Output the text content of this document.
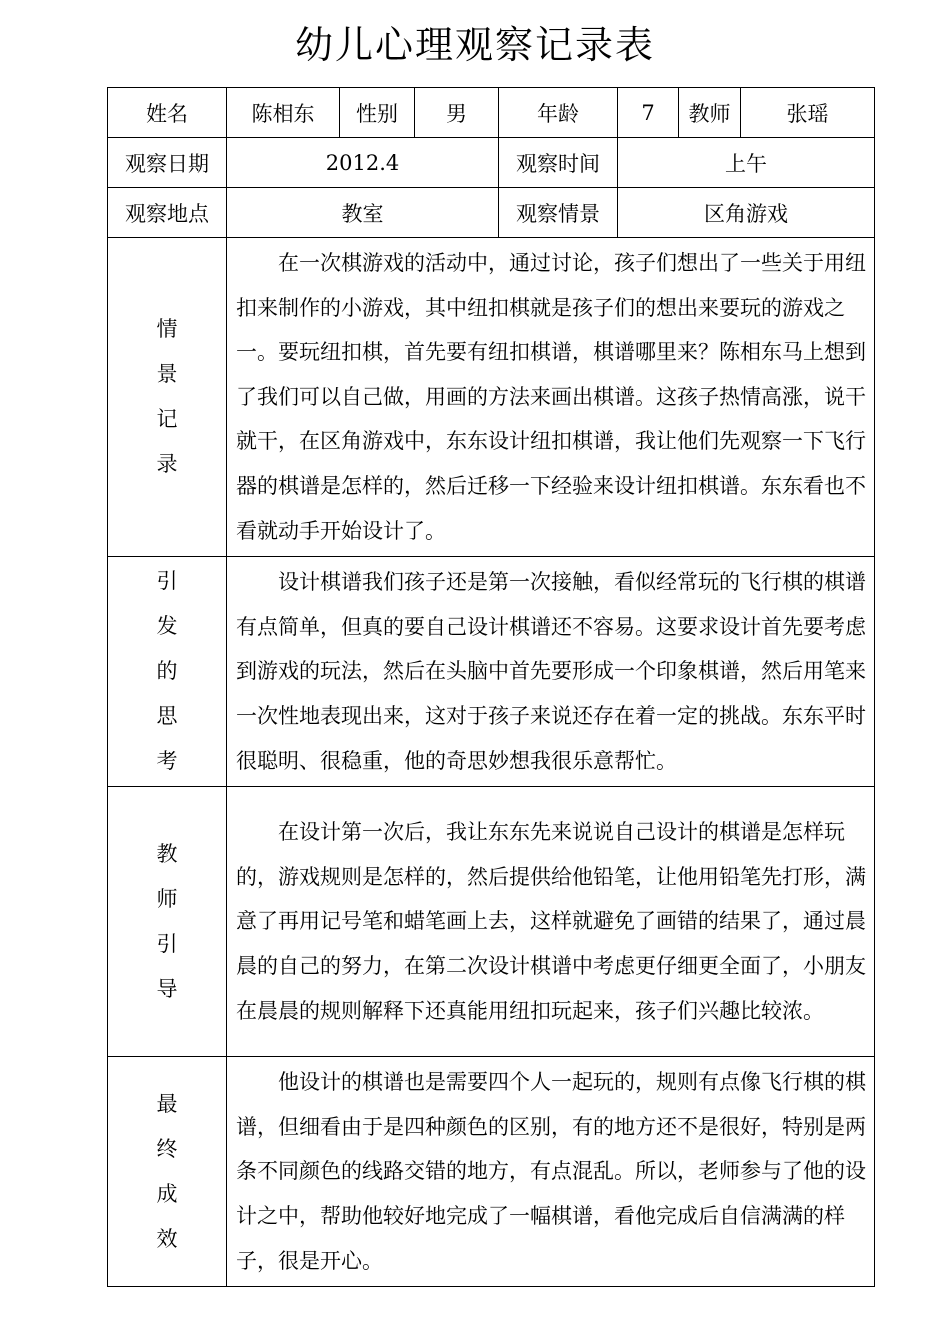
幼儿心理观察记录表
姓名	陈相东	性别	男	年龄	7	教师	张瑶
观察日期	2012.4			观察时间	上午		
观察地点	教室			观察情景	区角游戏		

情
景
记
录	在一次棋游戏的活动中，通过讨论，孩子们想出了一些关于用纽扣来制作的小游戏，其中纽扣棋就是孩子们的想出来要玩的游戏之一。要玩纽扣棋，首先要有纽扣棋谱，棋谱哪里来？陈相东马上想到了我们可以自己做，用画的方法来画出棋谱。这孩子热情高涨，说干就干，在区角游戏中，东东设计纽扣棋谱，我让他们先观察一下飞行器的棋谱是怎样的，然后迁移一下经验来设计纽扣棋谱。东东看也不看就动手开始设计了。						

引
发
的
思
考	设计棋谱我们孩子还是第一次接触，看似经常玩的飞行棋的棋谱有点简单，但真的要自己设计棋谱还不容易。这要求设计首先要考虑到游戏的玩法，然后在头脑中首先要形成一个印象棋谱，然后用笔来一次性地表现出来，这对于孩子来说还存在着一定的挑战。东东平时很聪明、很稳重，他的奇思妙想我很乐意帮忙。						

教
师
引
导	在设计第一次后，我让东东先来说说自己设计的棋谱是怎样玩的，游戏规则是怎样的，然后提供给他铅笔，让他用铅笔先打形，满意了再用记号笔和蜡笔画上去，这样就避免了画错的结果了，通过晨晨的自己的努力，在第二次设计棋谱中考虑更仔细更全面了，小朋友在晨晨的规则解释下还真能用纽扣玩起来，孩子们兴趣比较浓。						

最
终
成
效	他设计的棋谱也是需要四个人一起玩的，规则有点像飞行棋的棋谱，但细看由于是四种颜色的区别，有的地方还不是很好，特别是两条不同颜色的线路交错的地方，有点混乱。所以，老师参与了他的设计之中，帮助他较好地完成了一幅棋谱，看他完成后自信满满的样子，很是开心。						
